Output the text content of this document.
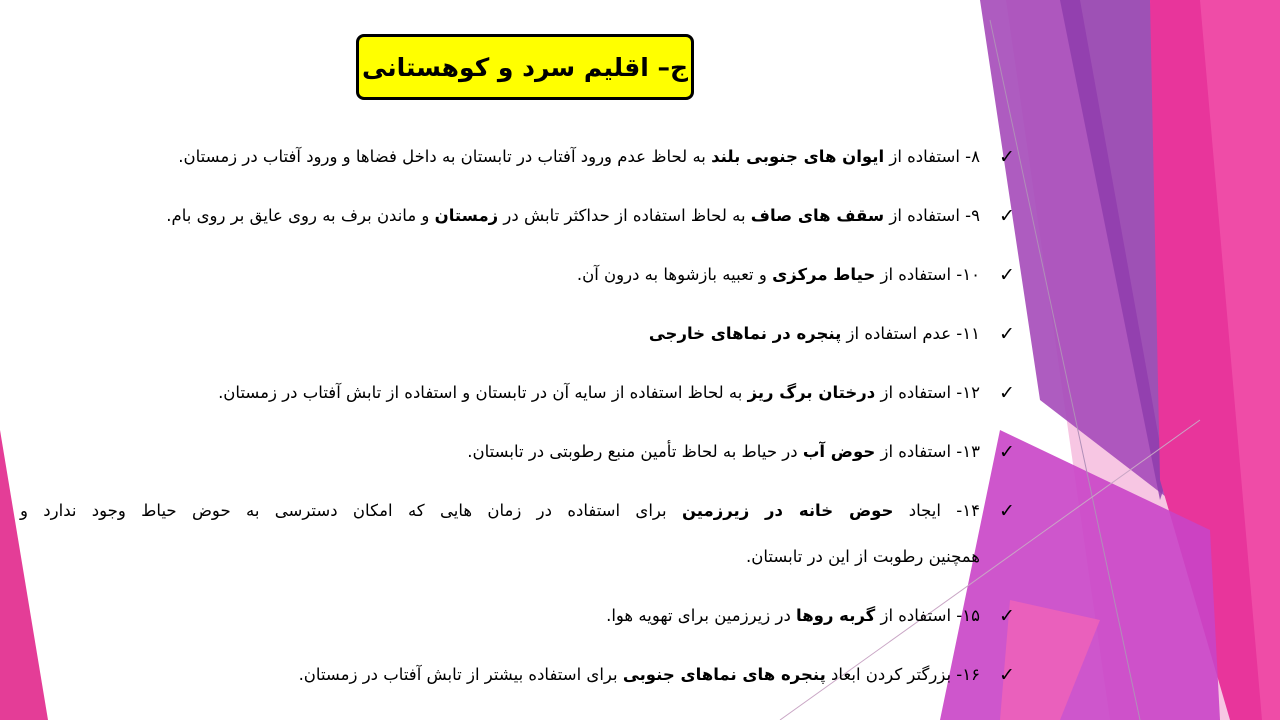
ج– اقلیم سرد و کوهستانی
✓
۸- استفاده از ایوان های جنوبی بلند به لحاظ عدم ورود آفتاب در تابستان به داخل فضاها و ورود آفتاب در زمستان.
✓
۹- استفاده از سقف های صاف به لحاظ استفاده از حداکثر تابش در زمستان و ماندن برف به روی عایق بر روی بام.
✓
۱۰- استفاده از حیاط مرکزی و تعبیه بازشوها به درون آن.
✓
۱۱- عدم استفاده از پنجره در نماهای خارجی
✓
۱۲- استفاده از درختان برگ ریز به لحاظ استفاده از سایه آن در تابستان و استفاده از تابش آفتاب در زمستان.
✓
۱۳- استفاده از حوض آب در حیاط به لحاظ تأمین منبع رطوبتی در تابستان.
✓
۱۴- ایجاد حوض خانه در زیرزمین برای استفاده در زمان هایی که امکان دسترسی به حوض حیاط وجود ندارد و
همچنین رطوبت از این در تابستان.
✓
۱۵- استفاده از گربه روها در زیرزمین برای تهویه هوا.
✓
۱۶- بزرگتر کردن ابعاد پنجره های نماهای جنوبی برای استفاده بیشتر از تابش آفتاب در زمستان.
